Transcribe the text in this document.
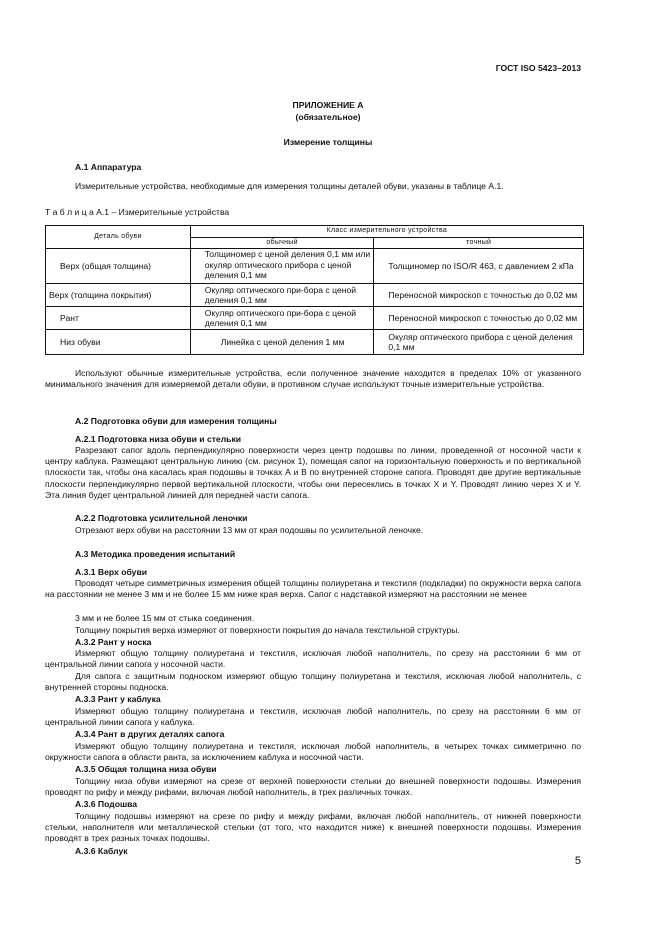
ГОСТ ISO 5423–2013
ПРИЛОЖЕНИЕ А
(обязательное)
Измерение толщины
А.1 Аппаратура
Измерительные устройства, необходимые для измерения толщины деталей обуви, указаны в таблице А.1.
Т а б л и ц а А.1 – Измерительные устройства
Деталь обуви	Класс измерительного устройства	
	обычный	точный
Верх (общая толщина)	Толщиномер с ценой деления 0,1 мм или окуляр оптического прибора с ценой деления 0,1 мм	Толщиномер по ISO/R 463, с давлением 2 кПа
Верх (толщина покрытия)	Окуляр оптического при-бора с ценой деления 0,1 мм	Переносной микроскоп с точностью до 0,02 мм
Рант	Окуляр оптического при-бора с ценой деления 0,1 мм	Переносной микроскоп с точностью до 0,02 мм
Низ обуви	Линейка с ценой деления 1 мм	Окуляр оптического прибора с ценой деления 0,1 мм
Используют обычные измерительные устройства, если полученное значение находится в пределах 10% от указанного минимального значения для измеряемой детали обуви, в противном случае используют точные измерительные устройства.
А.2 Подготовка обуви для измерения толщины
А.2.1 Подготовка низа обуви и стельки
Разрезают сапог вдоль перпендикулярно поверхности через центр подошвы по линии, проведенной от носочной части к центру каблука. Размещают центральную линию (см. рисунок 1), помещая сапог на горизонтальную поверхность и по вертикальной плоскости так, чтобы она касалась края подошвы в точках А и В по внутренней стороне сапога. Проводят две другие вертикальные плоскости перпендикулярно первой вертикальной плоскости, чтобы они пересеклись в точках Х и Y. Проводят линию через Х и Y. Эта линия будет центральной линией для передней части сапога.
А.2.2 Подготовка усилительной леночки
Отрезают верх обуви на расстоянии 13 мм от края подошвы по усилительной леночке.
А.3 Методика проведения испытаний
А.3.1 Верх обуви
Проводят четыре симметричных измерения общей толщины полиуретана и текстиля (подкладки) по окружности верха сапога на расстоянии не менее 3 мм и не более 15 мм ниже края верха. Сапог с надставкой измеряют на расстоянии не менее
3 мм и не более 15 мм от стыка соединения.
Толщину покрытия верха измеряют от поверхности покрытия до начала текстильной структуры.
А.3.2 Рант у носка
Измеряют общую толщину полиуретана и текстиля, исключая любой наполнитель, по срезу на расстоянии 6 мм от центральной линии сапога у носочной части.
Для сапога с защитным подноском измеряют общую толщину полиуретана и текстиля, исключая любой наполнитель, с внутренней стороны подноска.
А.3.3 Рант у каблука
Измеряют общую толщину полиуретана и текстиля, исключая любой наполнитель, по срезу на расстоянии 6 мм от центральной линии сапога у каблука.
А.3.4 Рант в других деталях сапога
Измеряют общую толщину полиуретана и текстиля, исключая любой наполнитель, в четырех точках симметрично по окружности сапога в области ранта, за исключением каблука и носочной части.
А.3.5 Общая толщина низа обуви
Толщину низа обуви измеряют на срезе от верхней поверхности стельки до внешней поверхности подошвы. Измерения проводят по рифу и между рифами, включая любой наполнитель, в трех различных точках.
А.3.6 Подошва
Толщину подошвы измеряют на срезе по рифу и между рифами, включая любой наполнитель, от нижней поверхности стельки, наполнителя или металлической стельки (от того, что находится ниже) к внешней поверхности подошвы. Измерения проводят в трех разных точках подошвы.
А.3.6 Каблук
5
